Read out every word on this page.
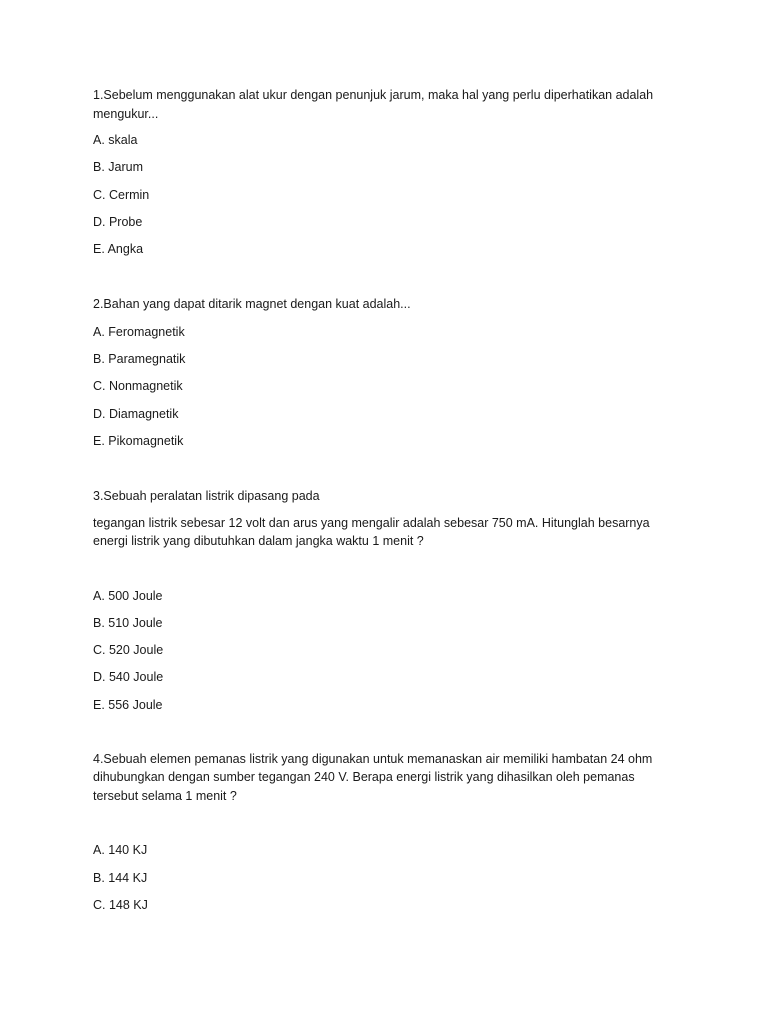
1.Sebelum menggunakan alat ukur dengan penunjuk jarum, maka hal yang perlu diperhatikan adalah
mengukur...
A. skala
B. Jarum
C. Cermin
D. Probe
E. Angka
2.Bahan yang dapat ditarik magnet dengan kuat adalah...
A. Feromagnetik
B. Paramegnatik
C. Nonmagnetik
D. Diamagnetik
E. Pikomagnetik
3.Sebuah peralatan listrik dipasang pada
tegangan listrik sebesar 12 volt dan arus yang mengalir adalah sebesar 750 mA. Hitunglah besarnya
energi listrik yang dibutuhkan dalam jangka waktu 1 menit ?
A. 500 Joule
B. 510 Joule
C. 520 Joule
D. 540 Joule
E. 556 Joule
4.Sebuah elemen pemanas listrik yang digunakan untuk memanaskan air memiliki hambatan 24 ohm
dihubungkan dengan sumber tegangan 240 V. Berapa energi listrik yang dihasilkan oleh pemanas
tersebut selama 1 menit ?
A. 140 KJ
B. 144 KJ
C. 148 KJ
